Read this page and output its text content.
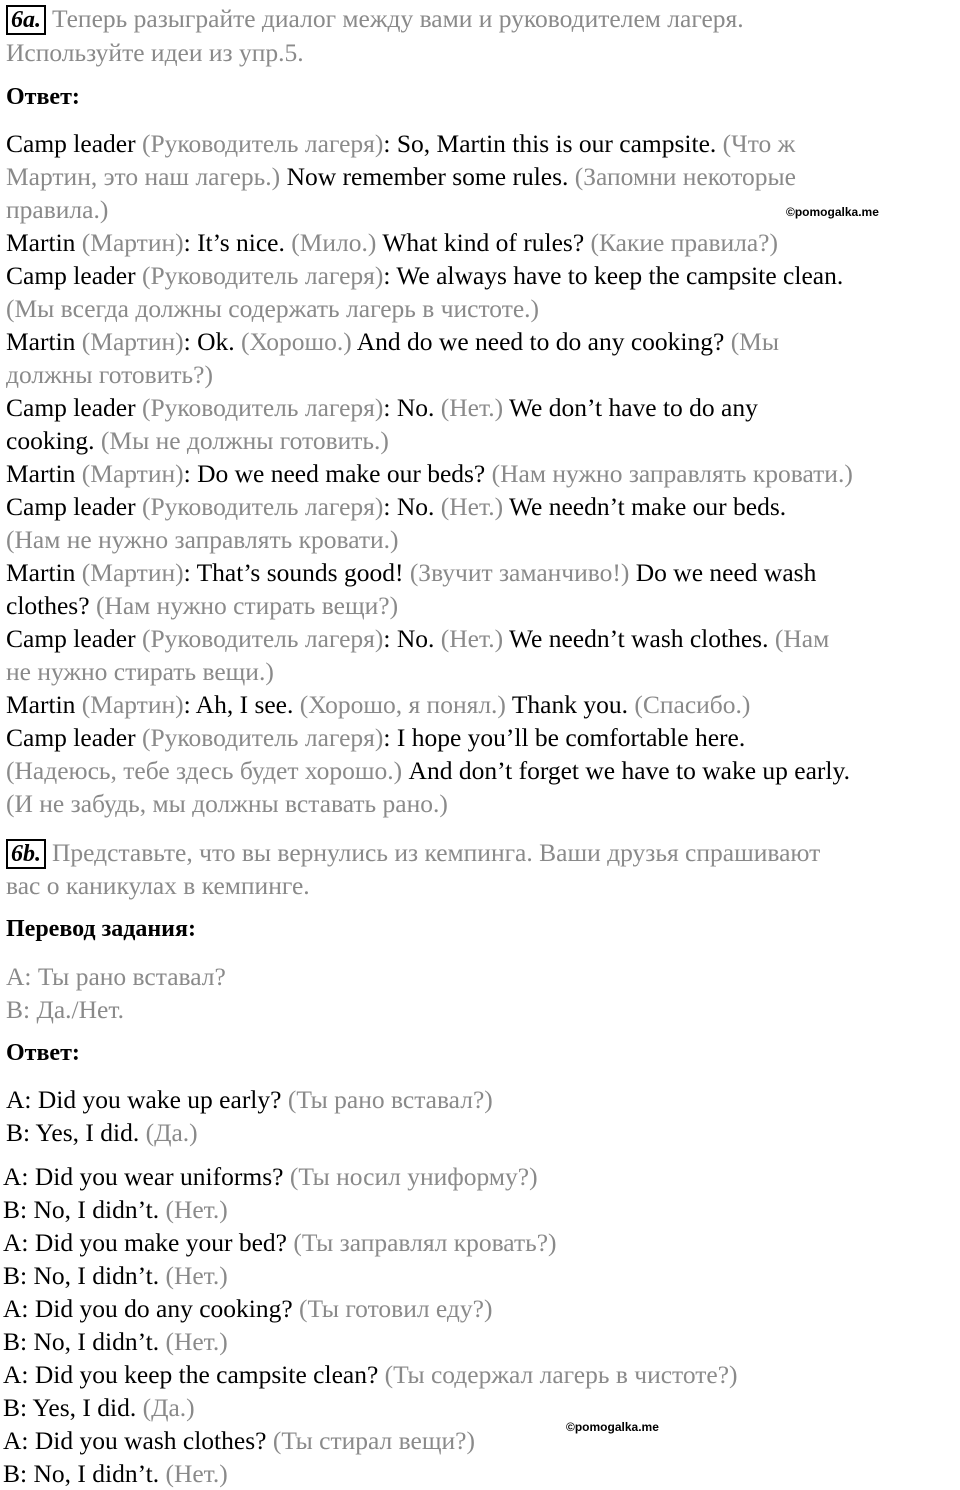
6a. Теперь разыграйте диалог между вами и руководителем лагеря.
Используйте идеи из упр.5.
Ответ:
Camp leader (Руководитель лагеря): So, Martin this is our campsite. (Что ж
Мартин, это наш лагерь.) Now remember some rules. (Запомни некоторые
правила.)
Martin (Мартин): It’s nice. (Мило.) What kind of rules? (Какие правила?)
Camp leader (Руководитель лагеря): We always have to keep the campsite clean.
(Мы всегда должны содержать лагерь в чистоте.)
Martin (Мартин): Ok. (Хорошо.) And do we need to do any cooking? (Мы
должны готовить?)
Camp leader (Руководитель лагеря): No. (Нет.) We don’t have to do any
cooking. (Мы не должны готовить.)
Martin (Мартин): Do we need make our beds? (Нам нужно заправлять кровати.)
Camp leader (Руководитель лагеря): No. (Нет.) We needn’t make our beds.
(Нам не нужно заправлять кровати.)
Martin (Мартин): That’s sounds good! (Звучит заманчиво!) Do we need wash
clothes? (Нам нужно стирать вещи?)
Camp leader (Руководитель лагеря): No. (Нет.) We needn’t wash clothes. (Нам
не нужно стирать вещи.)
Martin (Мартин): Ah, I see. (Хорошо, я понял.) Thank you. (Спасибо.)
Camp leader (Руководитель лагеря): I hope you’ll be comfortable here.
(Надеюсь, тебе здесь будет хорошо.) And don’t forget we have to wake up early.
(И не забудь, мы должны вставать рано.)
©pomogalka.me
6b. Представьте, что вы вернулись из кемпинга. Ваши друзья спрашивают
вас о каникулах в кемпинге.
Перевод задания:
A: Ты рано вставал?
B: Да./Нет.
Ответ:
A: Did you wake up early? (Ты рано вставал?)
B: Yes, I did. (Да.)
A: Did you wear uniforms? (Ты носил униформу?)
B: No, I didn’t. (Нет.)
A: Did you make your bed? (Ты заправлял кровать?)
B: No, I didn’t. (Нет.)
A: Did you do any cooking? (Ты готовил еду?)
B: No, I didn’t. (Нет.)
A: Did you keep the campsite clean? (Ты содержал лагерь в чистоте?)
B: Yes, I did. (Да.)
A: Did you wash clothes? (Ты стирал вещи?)
B: No, I didn’t. (Нет.)
©pomogalka.me
